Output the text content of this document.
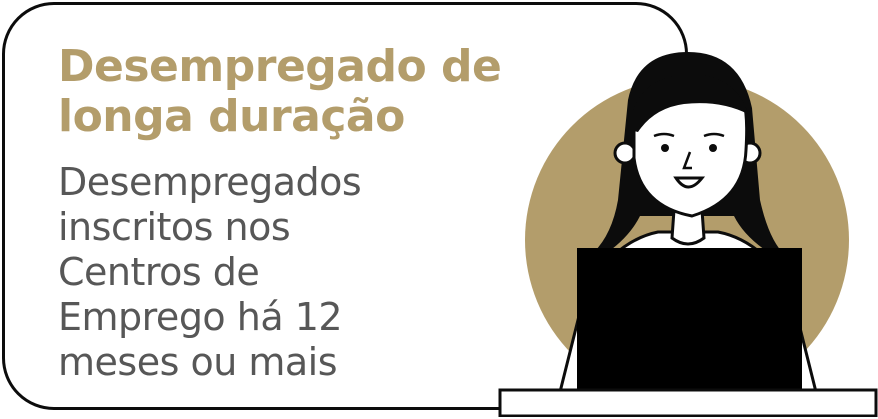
Desempregado de
longa duração

Desempregados
inscritos nos
Centros de
Emprego há 12
meses ou mais
